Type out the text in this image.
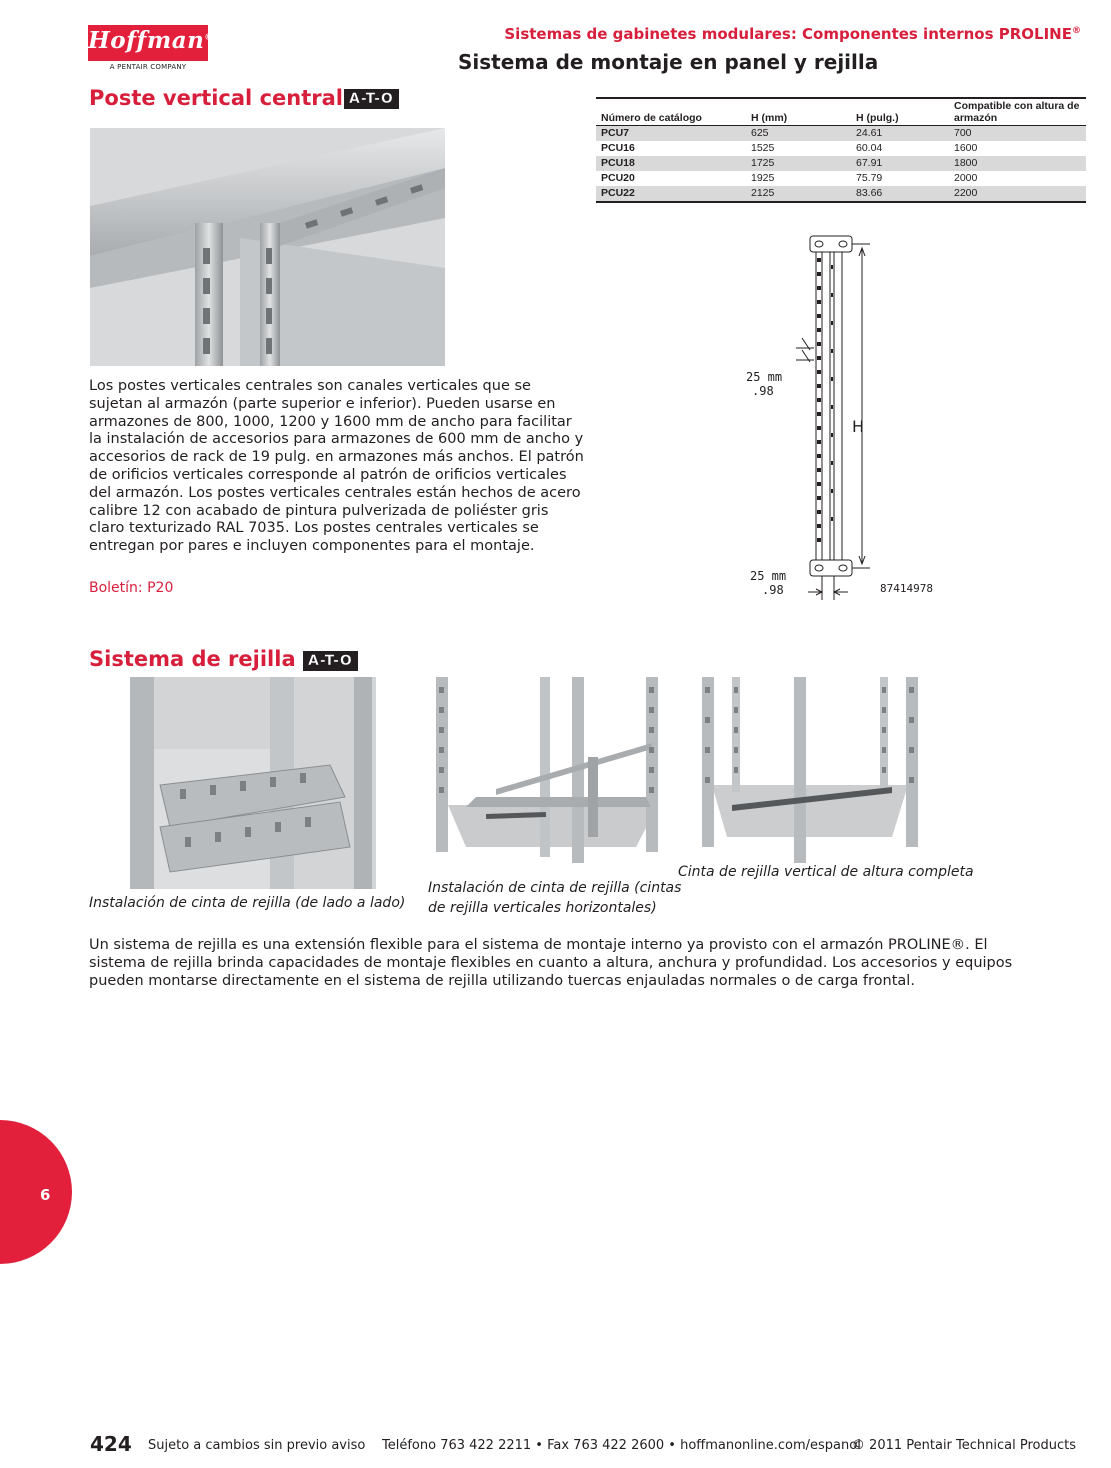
Hoffman®
A PENTAIR COMPANY
Sistemas de gabinetes modulares: Componentes internos PROLINE®
Sistema de montaje en panel y rejilla
Poste vertical central A-T-O
Los postes verticales centrales son canales verticales que se sujetan al armazón (parte superior e inferior). Pueden usarse en armazones de 800, 1000, 1200 y 1600 mm de ancho para facilitar la instalación de accesorios para armazones de 600 mm de ancho y accesorios de rack de 19 pulg. en armazones más anchos. El patrón de orificios verticales corresponde al patrón de orificios verticales del armazón. Los postes verticales centrales están hechos de acero calibre 12 con acabado de pintura pulverizada de poliéster gris claro texturizado RAL 7035. Los postes centrales verticales se entregan por pares e incluyen componentes para el montaje.
Boletín: P20
Número de catálogo	H (mm)	H (pulg.)	Compatible con altura de armazón
PCU7	625	24.61	700
PCU16	1525	60.04	1600
PCU18	1725	67.91	1800
PCU20	1925	75.79	2000
PCU22	2125	83.66	2200
25 mm
.98
H
25 mm
.98	87414978
Sistema de rejilla A-T-O
Cinta de rejilla vertical de altura completa
Instalación de cinta de rejilla (cintas
de rejilla verticales horizontales)
Instalación de cinta de rejilla (de lado a lado)
Un sistema de rejilla es una extensión flexible para el sistema de montaje interno ya provisto con el armazón PROLINE®. El sistema de rejilla brinda capacidades de montaje flexibles en cuanto a altura, anchura y profundidad. Los accesorios y equipos pueden montarse directamente en el sistema de rejilla utilizando tuercas enjauladas normales o de carga frontal.
6
424 Sujeto a cambios sin previo aviso Teléfono 763 422 2211 • Fax 763 422 2600 • hoffmanonline.com/espanol
© 2011 Pentair Technical Products
